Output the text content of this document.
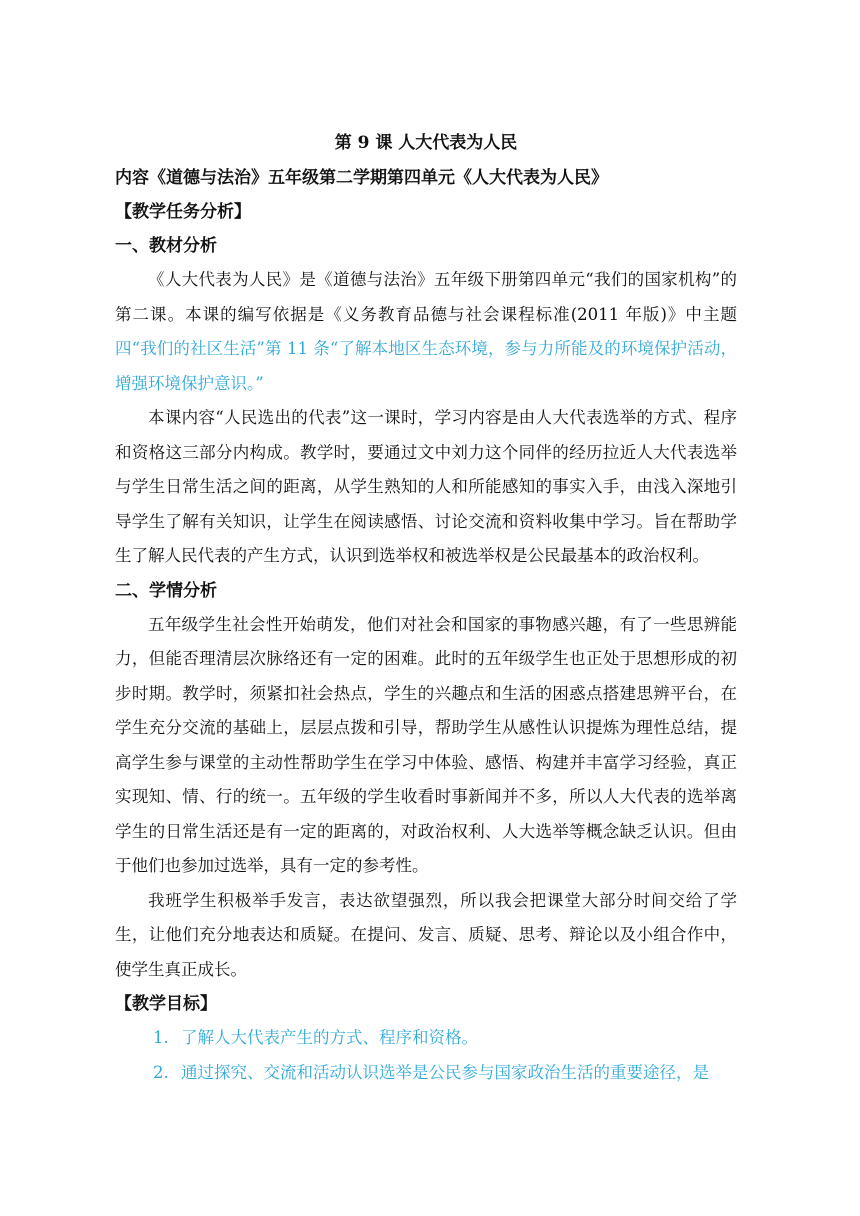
第 9 课 人大代表为人民
内容《道德与法治》五年级第二学期第四单元《人大代表为人民》
【教学任务分析】
一、教材分析

《人大代表为人民》是《道德与法治》五年级下册第四单元“我们的国家机构”的第二课。本课的编写依据是《义务教育品德与社会课程标准(2011 年版)》中主题四“我们的社区生活”第 11 条“了解本地区生态环境，参与力所能及的环境保护活动，增强环境保护意识。”

本课内容“人民选出的代表”这一课时，学习内容是由人大代表选举的方式、程序和资格这三部分内构成。教学时，要通过文中刘力这个同伴的经历拉近人大代表选举与学生日常生活之间的距离，从学生熟知的人和所能感知的事实入手，由浅入深地引导学生了解有关知识，让学生在阅读感悟、讨论交流和资料收集中学习。旨在帮助学生了解人民代表的产生方式，认识到选举权和被选举权是公民最基本的政治权利。

二、学情分析

五年级学生社会性开始萌发，他们对社会和国家的事物感兴趣，有了一些思辨能力，但能否理清层次脉络还有一定的困难。此时的五年级学生也正处于思想形成的初步时期。教学时，须紧扣社会热点，学生的兴趣点和生活的困惑点搭建思辨平台，在学生充分交流的基础上，层层点拨和引导，帮助学生从感性认识提炼为理性总结，提高学生参与课堂的主动性帮助学生在学习中体验、感悟、构建并丰富学习经验，真正实现知、情、行的统一。五年级的学生收看时事新闻并不多，所以人大代表的选举离学生的日常生活还是有一定的距离的，对政治权利、人大选举等概念缺乏认识。但由于他们也参加过选举，具有一定的参考性。

我班学生积极举手发言，表达欲望强烈，所以我会把课堂大部分时间交给了学生，让他们充分地表达和质疑。在提问、发言、质疑、思考、辩论以及小组合作中，使学生真正成长。

【教学目标】
1. 了解人大代表产生的方式、程序和资格。
2. 通过探究、交流和活动认识选举是公民参与国家政治生活的重要途径，是
